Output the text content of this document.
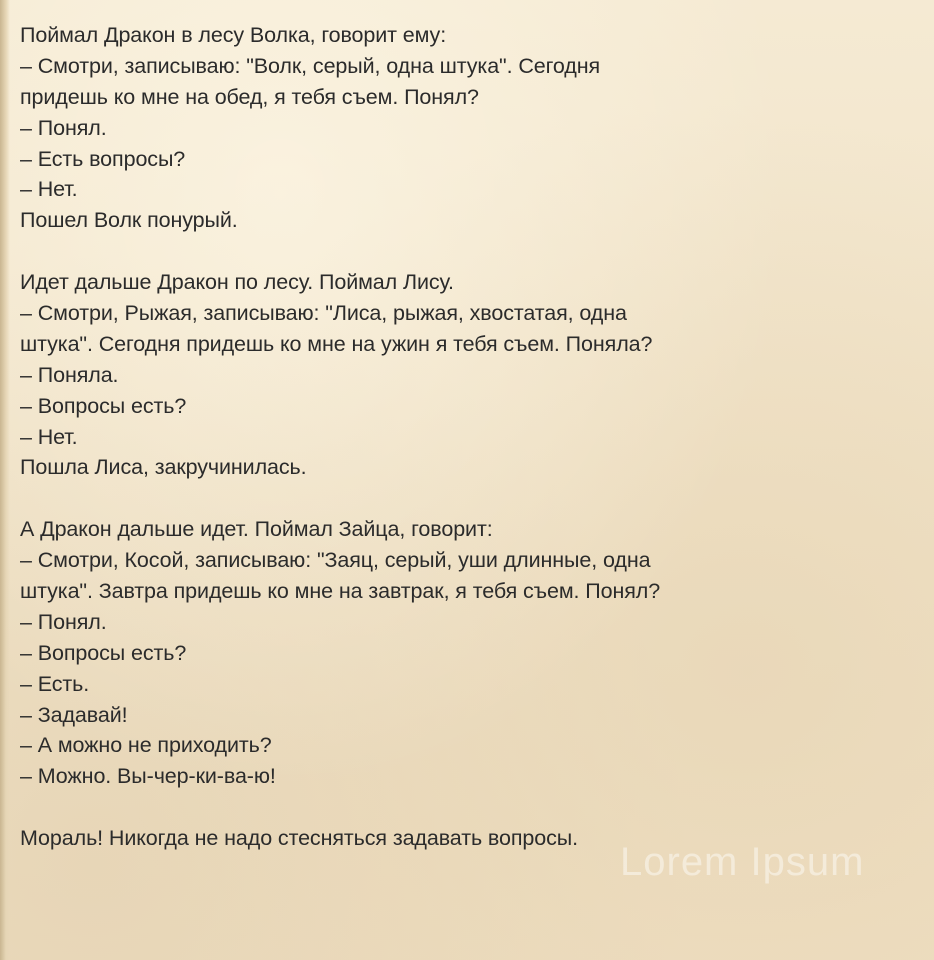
Поймал Дракон в лесу Волка, говорит ему:
– Смотри, записываю: "Волк, серый, одна штука". Сегодня
придешь ко мне на обед, я тебя съем. Понял?
– Понял.
– Есть вопросы?
– Нет.
Пошел Волк понурый.
Идет дальше Дракон по лесу. Поймал Лису.
– Смотри, Рыжая, записываю: "Лиса, рыжая, хвостатая, одна
штука". Сегодня придешь ко мне на ужин я тебя съем. Поняла?
– Поняла.
– Вопросы есть?
– Нет.
Пошла Лиса, закручинилась.
А Дракон дальше идет. Поймал Зайца, говорит:
– Смотри, Косой, записываю: "Заяц, серый, уши длинные, одна
штука". Завтра придешь ко мне на завтрак, я тебя съем. Понял?
– Понял.
– Вопросы есть?
– Есть.
– Задавай!
– А можно не приходить?
– Можно. Вы-чер-ки-ва-ю!
Мораль! Никогда не надо стесняться задавать вопросы.
Lorem Ipsum
